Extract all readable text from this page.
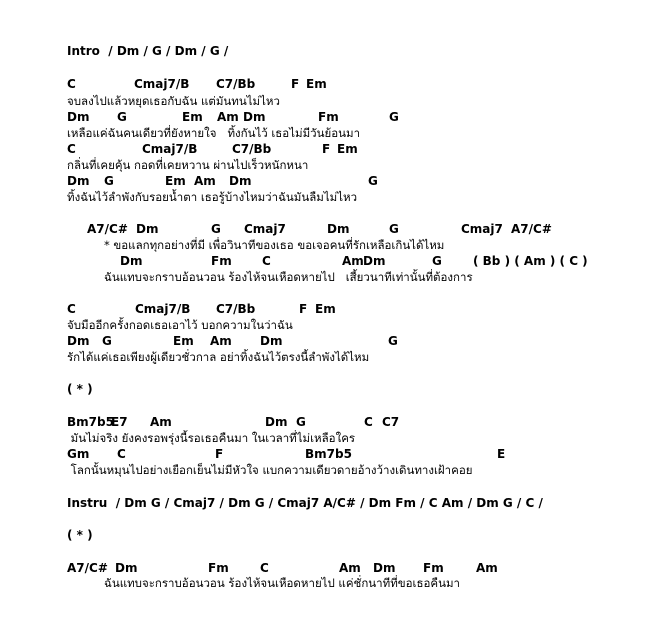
Intro  / Dm / G / Dm / G /
จบลงไปแล้วหยุดเธอกับฉัน แต่มันทนไม่ไหว
เหลือแค่ฉันคนเดียวที่ยังหายใจ   ทิ้งกันไว้ เธอไม่มีวันย้อนมา
กลิ่นที่เคยคุ้น กอดที่เคยหวาน ผ่านไปเร็วหนักหนา
ทิ้งฉันไว้ลำพังกับรอยน้ำตา เธอรู้บ้างไหมว่าฉันมันลืมไม่ไหว
* ขอแลกทุกอย่างที่มี เพื่อวินาทีของเธอ ขอเจอคนที่รักเหลือเกินได้ไหม
ฉันแทบจะกราบอ้อนวอน ร้องไห้จนเหือดหายไป   เสี้ยวนาทีเท่านั้นที่ต้องการ
จับมืออีกครั้งกอดเธอเอาไว้ บอกความในว่าฉัน
รักได้แค่เธอเพียงผู้เดียวชั่วกาล อย่าทิ้งฉันไว้ตรงนี้ลำพังได้ไหม
( * )
มันไม่จริง ยังคงรอพรุ่งนี้รอเธอคืนมา ในเวลาที่ไม่เหลือใคร
โลกนั้นหมุนไปอย่างเยือกเย็นไม่มีหัวใจ แบกความเดียวดายอ้างว้างเดินทางเฝ้าคอย
Instru  / Dm G / Cmaj7 / Dm G / Cmaj7 A/C# / Dm Fm / C Am / Dm G / C /
( * )
ฉันแทบจะกราบอ้อนวอน ร้องไห้จนเหือดหายไป แค่ชั่กนาทีที่ขอเธอคืนมา
C	Cmaj7/B C7/Bb	F Em
Dm G	Em Am Dm	Fm	G
C	Cmaj7/B	C7/Bb	F Em
Dm G	Em Am Dm	G
A7/C# Dm	G Cmaj7	Dm	G	Cmaj7 A7/C#
Dm	Fm	C	Am Dm	G	( Bb ) ( Am ) ( C )
C	Cmaj7/B C7/Bb	F Em
Dm G	Em Am Dm	G
Bm7b5
E7 Am	Dm G	C C7
Gm C	F	Bm7b5	E
A7/C# Dm	Fm	C	Am Dm Fm	Am
